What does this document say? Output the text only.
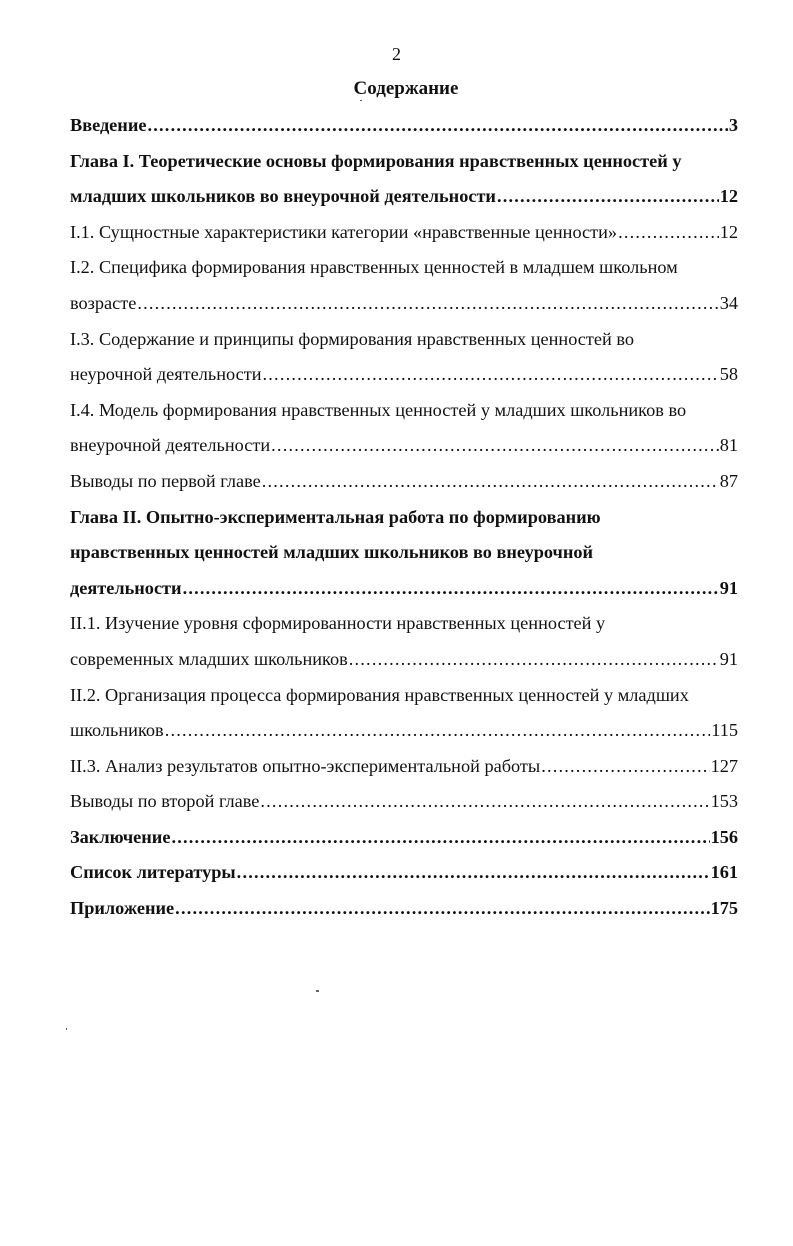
2
Содержание
Введение .....	3
Глава I. Теоретические основы формирования нравственных ценностей у
младших школьников во внеурочной деятельности .....	12
I.1. Сущностные характеристики категории «нравственные ценности» .....	12
I.2. Специфика формирования нравственных ценностей в младшем школьном
возрасте .....	34
I.3. Содержание и принципы формирования нравственных ценностей во
неурочной деятельности .....	58
I.4. Модель формирования нравственных ценностей у младших школьников во
внеурочной деятельности .....	81
Выводы по первой главе .....	87
Глава II. Опытно-экспериментальная работа по формированию
нравственных ценностей младших школьников во внеурочной
деятельности .....	91
II.1. Изучение уровня сформированности нравственных ценностей у
современных младших школьников .....	91
II.2. Организация процесса формирования нравственных ценностей у младших
школьников .....	115
II.3. Анализ результатов опытно-экспериментальной работы .....	127
Выводы по второй главе .....	153
Заключение .....	156
Список литературы .....	161
Приложение .....	175
